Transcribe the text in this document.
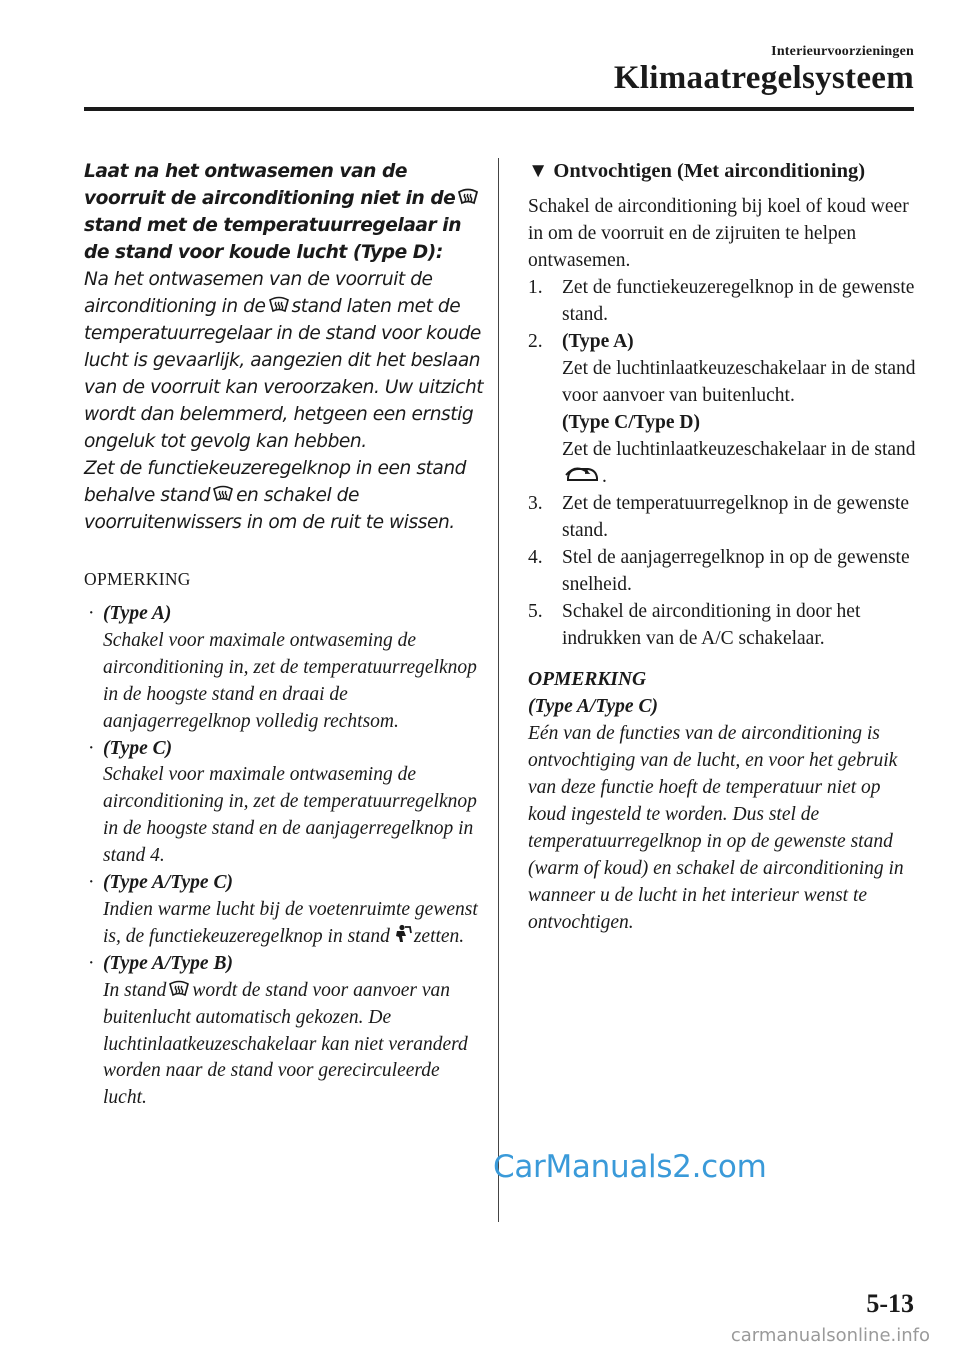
Interieurvoorzieningen
Klimaatregelsysteem

Laat na het ontwasemen van de voorruit de airconditioning niet in destand met de temperatuurregelaar in de stand voor koude lucht (Type D):

Na het ontwasemen van de voorruit de airconditioning in de stand laten met de temperatuurregelaar in de stand voor koude lucht is gevaarlijk, aangezien dit het beslaan van de voorruit kan veroorzaken. Uw uitzicht wordt dan belemmerd, hetgeen een ernstig ongeluk tot gevolg kan hebben.

Zet de functiekeuzeregelknop in een stand behalve stand en schakel de voorruitenwissers in om de ruit te wissen.

OPMERKING
· (Type A)
Schakel voor maximale ontwaseming de airconditioning in, zet de temperatuurregelknop in de hoogste stand en draai de aanjagerregelknop volledig rechtsom.
· (Type C)
Schakel voor maximale ontwaseming de airconditioning in, zet de temperatuurregelknop in de hoogste stand en de aanjagerregelknop in stand 4.
· (Type A/Type C)
Indien warme lucht bij de voetenruimte gewenst is, de functiekeuzeregelknop in stand zetten.
· (Type A/Type B)
In stand wordt de stand voor aanvoer van buitenlucht automatisch gekozen. De luchtinlaatkeuzeschakelaar kan niet veranderd worden naar de stand voor gerecirculeerde lucht.
▼ Ontvochtigen (Met airconditioning)

Schakel de airconditioning bij koel of koud weer in om de voorruit en de zijruiten te helpen ontwasemen.

1. Zet de functiekeuzeregelknop in de gewenste stand.
2. (Type A)
Zet de luchtinlaatkeuzeschakelaar in de stand voor aanvoer van buitenlucht.
(Type C/Type D)
Zet de luchtinlaatkeuzeschakelaar in de stand.
3. Zet de temperatuurregelknop in de gewenste stand.
4. Stel de aanjagerregelknop in op de gewenste snelheid.
5. Schakel de airconditioning in door het indrukken van de A/C schakelaar.
OPMERKING
(Type A/Type C)
Eén van de functies van de airconditioning is ontvochtiging van de lucht, en voor het gebruik van deze functie hoeft de temperatuur niet op koud ingesteld te worden. Dus stel de temperatuurregelknop in op de gewenste stand (warm of koud) en schakel de airconditioning in wanneer u de lucht in het interieur wenst te ontvochtigen.
CarManuals2.com
5-13
carmanualsonline.info
